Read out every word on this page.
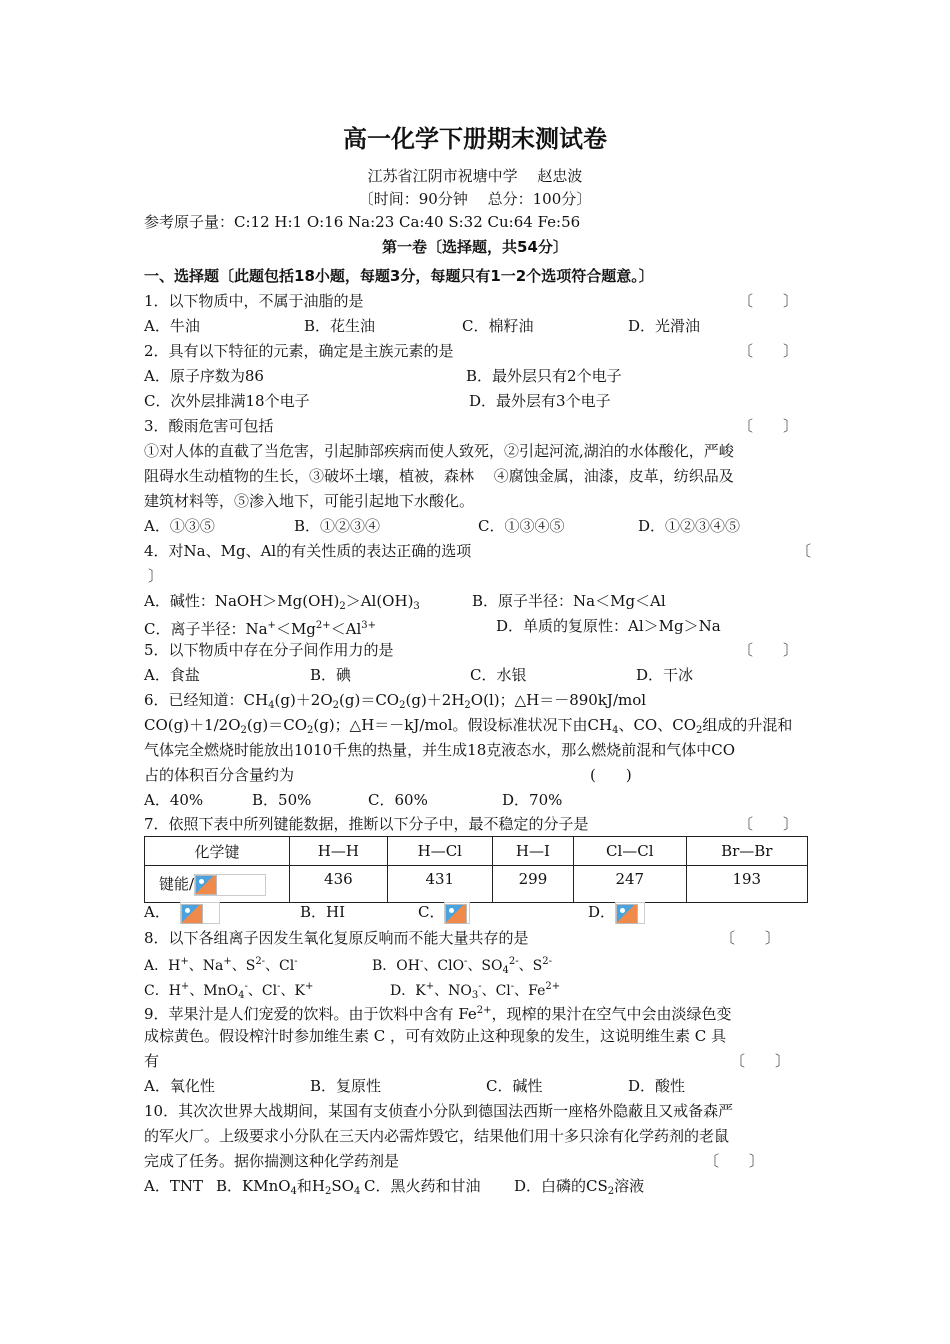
高一化学下册期末测试卷
江苏省江阴市祝塘中学　 赵忠波
〔时间：90分钟　 总分：100分〕
参考原子量：C:12 H:1 O:16 Na:23 Ca:40 S:32 Cu:64 Fe:56
第一卷〔选择题，共54分〕
一、选择题〔此题包括18小题，每题3分，每题只有1一2个选项符合题意。〕
1．以下物质中，不属于油脂的是	〔　　〕
A．牛油	B．花生油	C．棉籽油	D．光滑油
2．具有以下特征的元素，确定是主族元素的是	〔　　〕
A．原子序数为86	B．最外层只有2个电子
C．次外层排满18个电子	D．最外层有3个电子
3．酸雨危害可包括	〔　　〕
①对人体的直截了当危害，引起肺部疾病而使人致死，②引起河流,湖泊的水体酸化，严峻
阻碍水生动植物的生长，③破坏土壤，植被，森林　 ④腐蚀金属，油漆，皮革，纺织品及
建筑材料等，⑤渗入地下，可能引起地下水酸化。
A．①③⑤	B．①②③④	C．①③④⑤	D．①②③④⑤
4．对Na、Mg、Al的有关性质的表达正确的选项	〔
〕
A．碱性：$NaOH>Mg(OH)_2>Al(OH)_3$	B．原子半径：Na＜Mg＜Al
C．离子半径：$Na^+<Mg^{2+}<Al^{3+}$	D．单质的复原性：Al＞Mg＞Na
5．以下物质中存在分子间作用力的是	〔　　〕
A．食盐	B．碘	C．水银	D．干冰
6．已经知道：$CH_4(g)+2O_2(g)=CO_2(g)+2H_2O(l)$；△H＝－890kJ/mol
$CO(g)+1/2O_2(g)=CO_2(g)$；△H＝－kJ/mol。假设标准状况下由$CH_4$、CO、$CO_2$组成的升混和
气体完全燃烧时能放出1010千焦的热量，并生成18克液态水，那么燃烧前混和气体中CO
占的体积百分含量约为	(　　)
A．40%	B．50%	C．60%	D．70%
7．依照下表中所列键能数据，推断以下分子中，最不稳定的分子是	〔　　〕
化学键	H—H	H—Cl	H—I	Cl—Cl	Br—Br
键能/	436	431	299	247	193
A．	B．HI	C．	D．
8．以下各组离子因发生氧化复原反响而不能大量共存的是	〔　　〕
A．H+、Na+、$S^{2-}$、Cl-	B．OH-、ClO-、$SO_4^{2-}$、$S^{2-}$
C．H+、MnO$_4$-、Cl-、K+	D．K+、$NO_3^-$、Cl-、$Fe^{2+}$
9．苹果汁是人们宠爱的饮料。由于饮料中含有 $Fe^{2+}$，现榨的果汁在空气中会由淡绿色变
成棕黄色。假设榨汁时参加维生素 C ，可有效防止这种现象的发生，这说明维生素 C 具
有	〔　　〕
A．氧化性	B．复原性	C．碱性	D．酸性
10．其次次世界大战期间，某国有支侦查小分队到德国法西斯一座格外隐蔽且又戒备森严
的军火厂。上级要求小分队在三天内必需炸毁它，结果他们用十多只涂有化学药剂的老鼠
完成了任务。据你揣测这种化学药剂是	〔　　〕
A．TNT B．KMnO$_4$和$H_2SO_4$ C．黑火药和甘油 D．白磷的$CS_2$溶液
